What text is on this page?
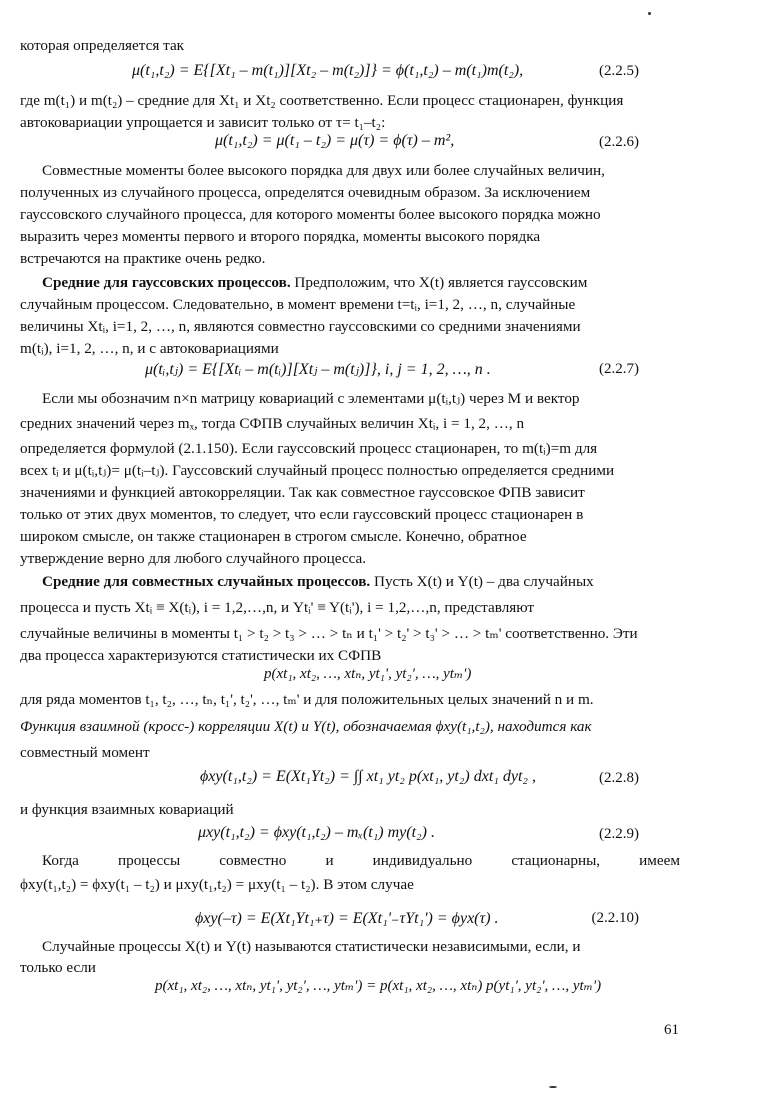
которая определяется так
μ(t₁,t₂) = E{[Xt₁ – m(t₁)][Xt₂ – m(t₂)]} = ϕ(t₁,t₂) – m(t₁)m(t₂),	(2.2.5)
где m(t₁) и m(t₂) – средние для Xt₁ и Xt₂ соответственно. Если процесс стационарен, функция
автоковариации упрощается и зависит только от τ= t₁–t₂:
μ(t₁,t₂) = μ(t₁ – t₂) = μ(τ) = ϕ(τ) – m²,	(2.2.6)
Совместные моменты более высокого порядка для двух или более случайных величин,
полученных из случайного процесса, определятся очевидным образом. За исключением
гауссовского случайного процесса, для которого моменты более высокого порядка можно
выразить через моменты первого и второго порядка, моменты высокого порядка
встречаются на практике очень редко.
Средние для гауссовских процессов. Предположим, что X(t) является гауссовским
случайным процессом. Следовательно, в момент времени t=tᵢ, i=1, 2, …, n, случайные
величины Xtᵢ, i=1, 2, …, n, являются совместно гауссовскими со средними значениями
m(tᵢ), i=1, 2, …, n, и с автоковариациями
μ(tᵢ,tⱼ) = E{[Xtᵢ – m(tᵢ)][Xtⱼ – m(tⱼ)]}, i, j = 1, 2, …, n .	(2.2.7)
Если мы обозначим n×n матрицу ковариаций с элементами μ(tᵢ,tⱼ) через M и вектор
средних значений через mₓ, тогда СФПВ случайных величин Xtᵢ, i = 1, 2, …, n
определяется формулой (2.1.150). Если гауссовский процесс стационарен, то m(tᵢ)=m для
всех tᵢ и μ(tᵢ,tⱼ)= μ(tᵢ–tⱼ). Гауссовский случайный процесс полностью определяется средними
значениями и функцией автокорреляции. Так как совместное гауссовское ФПВ зависит
только от этих двух моментов, то следует, что если гауссовский процесс стационарен в
широком смысле, он также стационарен в строгом смысле. Конечно, обратное
утверждение верно для любого случайного процесса.
Средние для совместных случайных процессов. Пусть X(t) и Y(t) – два случайных
процесса и пусть Xtᵢ ≡ X(tᵢ), i = 1,2,…,n, и Ytᵢ' ≡ Y(tᵢ'), i = 1,2,…,n, представляют
случайные величины в моменты t₁ > t₂ > t₃ > … > tₙ и t₁' > t₂' > t₃' > … > tₘ' соответственно. Эти
два процесса характеризуются статистически их СФПВ
p(xt₁, xt₂, …, xtₙ, yt₁', yt₂', …, ytₘ')
для ряда моментов t₁, t₂, …, tₙ, t₁', t₂', …, tₘ' и для положительных целых значений n и m.
Функция взаимной (кросс-) корреляции X(t) и Y(t), обозначаемая ϕxy(t₁,t₂), находится как
совместный момент
ϕxy(t₁,t₂) = E(Xt₁Yt₂) = ∫∫ xt₁ yt₂ p(xt₁, yt₂) dxt₁ dyt₂ ,	(2.2.8)
и функция взаимных ковариаций
μxy(t₁,t₂) = ϕxy(t₁,t₂) – mₓ(t₁) my(t₂) .	(2.2.9)
Когда процессы совместно и индивидуально стационарны, имеем
ϕxy(t₁,t₂) = ϕxy(t₁ – t₂) и μxy(t₁,t₂) = μxy(t₁ – t₂). В этом случае
ϕxy(–τ) = E(Xt₁Yt₁₊τ) = E(Xt₁'₋τYt₁') = ϕyx(τ) .	(2.2.10)
Случайные процессы X(t) и Y(t) называются статистически независимыми, если, и
только если
p(xt₁, xt₂, …, xtₙ, yt₁', yt₂', …, ytₘ') = p(xt₁, xt₂, …, xtₙ) p(yt₁', yt₂', …, ytₘ')
61
